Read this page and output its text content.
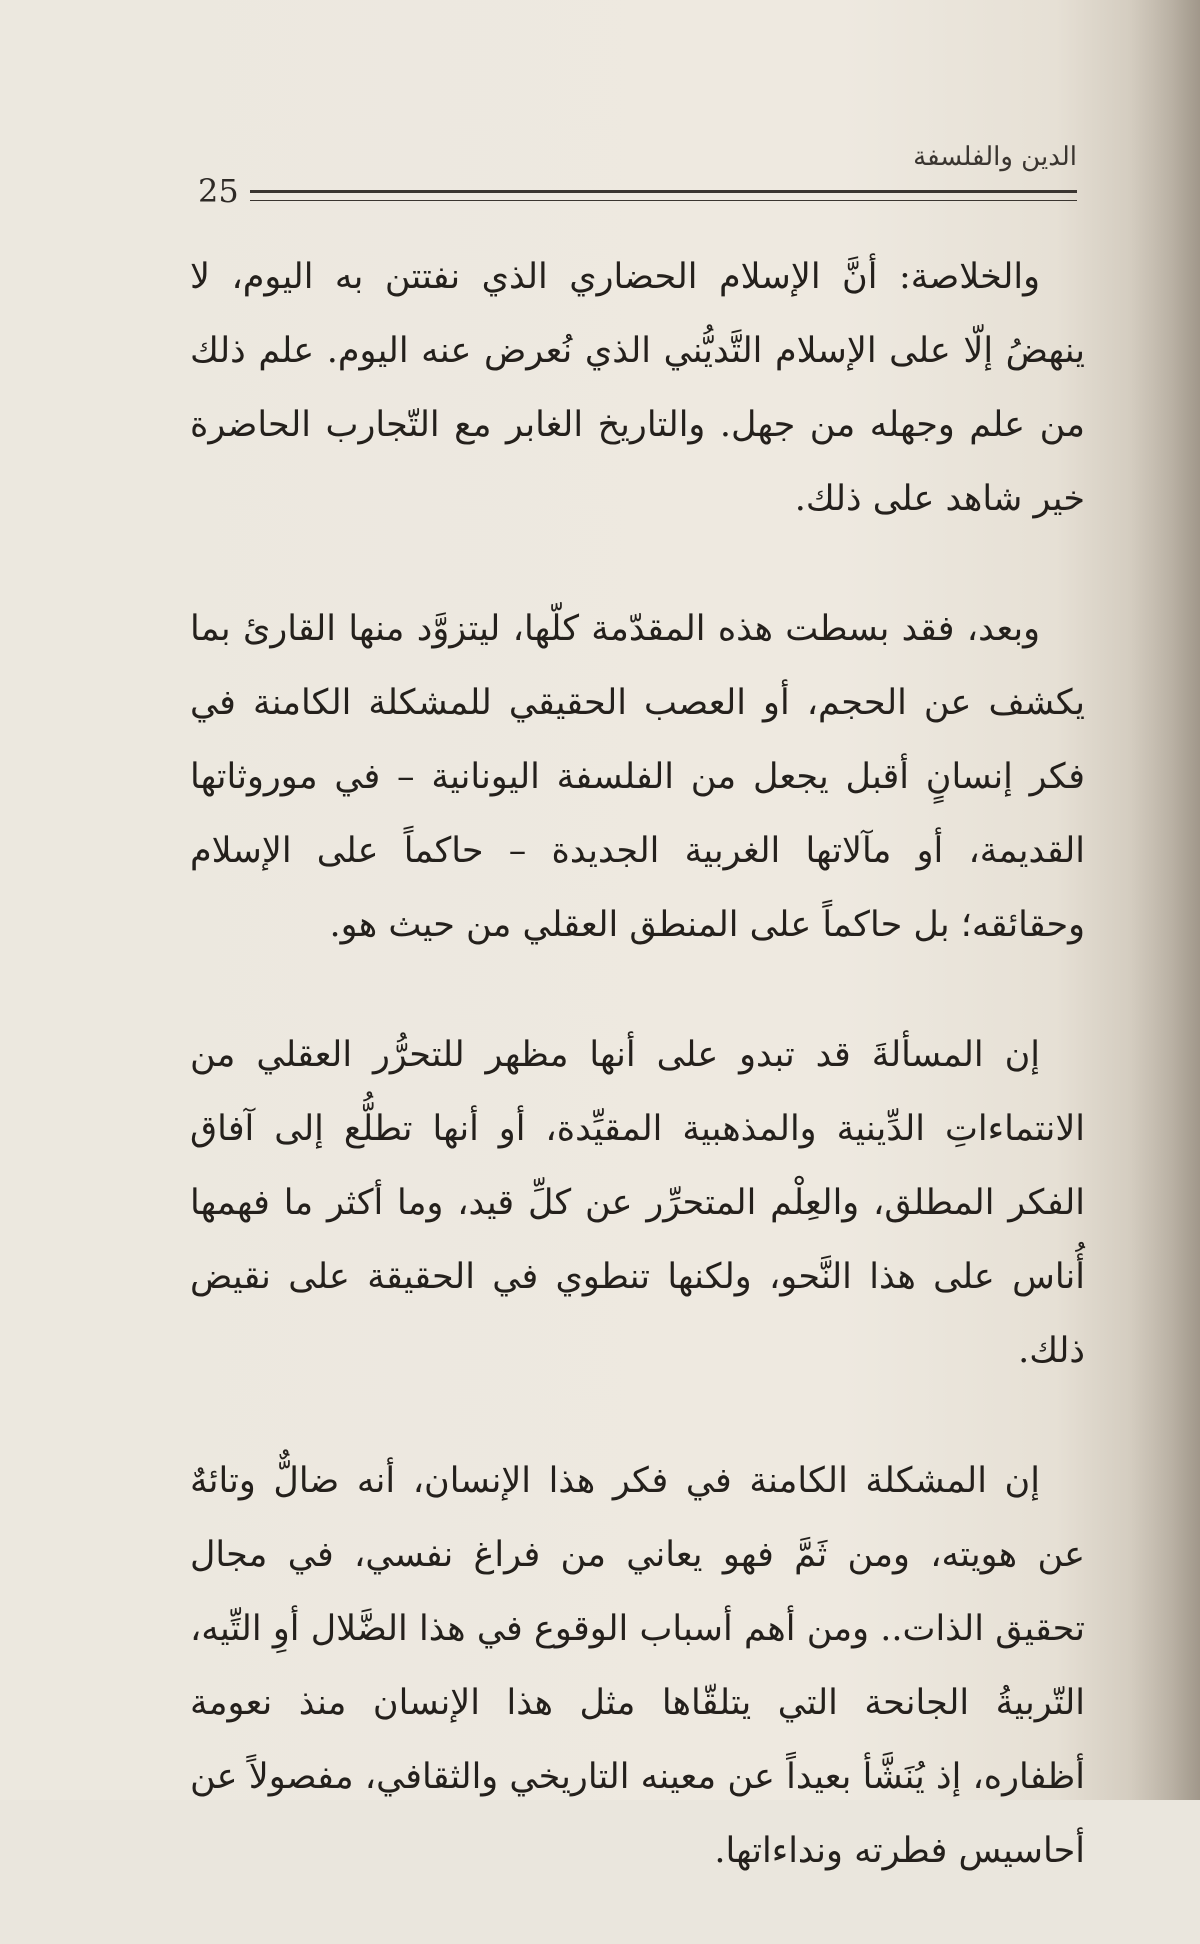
الدين والفلسفة
25

والخلاصة: أنَّ الإسلام الحضاري الذي نفتتن به اليوم، لا ينهضُ إلّا على الإسلام التَّديُّني الذي نُعرض عنه اليوم. علم ذلك من علم وجهله من جهل. والتاريخ الغابر مع التّجارب الحاضرة خير شاهد على ذلك.

وبعد، فقد بسطت هذه المقدّمة كلّها، ليتزوَّد منها القارئ بما يكشف عن الحجم، أو العصب الحقيقي للمشكلة الكامنة في فكر إنسانٍ أقبل يجعل من الفلسفة اليونانية – في موروثاتها القديمة، أو مآلاتها الغربية الجديدة – حاكماً على الإسلام وحقائقه؛ بل حاكماً على المنطق العقلي من حيث هو.

إن المسألةَ قد تبدو على أنها مظهر للتحرُّر العقلي من الانتماءاتِ الدِّينية والمذهبية المقيِّدة، أو أنها تطلُّع إلى آفاق الفكر المطلق، والعِلْم المتحرِّر عن كلِّ قيد، وما أكثر ما فهمها أُناس على هذا النَّحو، ولكنها تنطوي في الحقيقة على نقيض ذلك.

إن المشكلة الكامنة في فكر هذا الإنسان، أنه ضالٌّ وتائهٌ عن هويته، ومن ثَمَّ فهو يعاني من فراغ نفسي، في مجال تحقيق الذات.. ومن أهم أسباب الوقوع في هذا الضَّلال أوِ التِّيه، التّربيةُ الجانحة التي يتلقّاها مثل هذا الإنسان منذ نعومة أظفاره، إذ يُنَشَّأ بعيداً عن معينه التاريخي والثقافي، مفصولاً عن أحاسيس فطرته ونداءاتها.
